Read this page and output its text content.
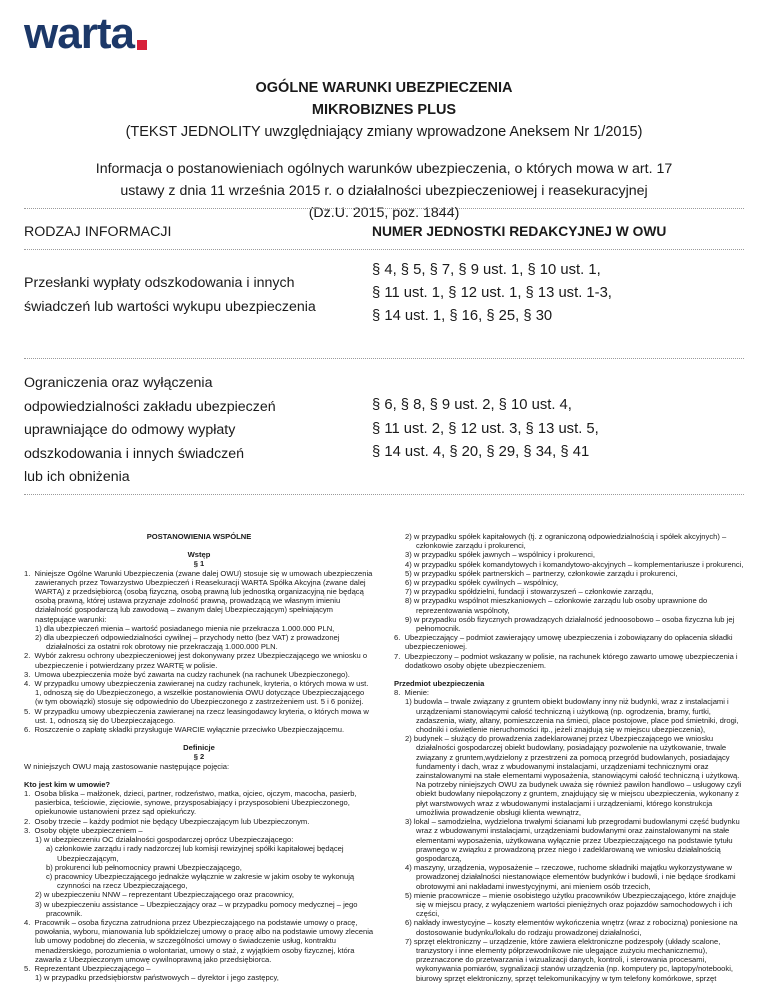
warta
OGÓLNE WARUNKI UBEZPIECZENIA
MIKROBIZNES PLUS
(TEKST JEDNOLITY uwzględniający zmiany wprowadzone Aneksem Nr 1/2015)
Informacja o postanowieniach ogólnych warunków ubezpieczenia, o których mowa w art. 17
ustawy z dnia 11 września 2015 r. o działalności ubezpieczeniowej i reasekuracyjnej
(Dz.U. 2015, poz. 1844)
RODZAJ INFORMACJI	NUMER JEDNOSTKI REDAKCYJNEJ W OWU
Przesłanki wypłaty odszkodowania i innych
świadczeń lub wartości wykupu ubezpieczenia
§ 4, § 5, § 7, § 9 ust. 1, § 10 ust. 1,
§ 11 ust. 1, § 12 ust. 1, § 13 ust. 1-3,
§ 14 ust. 1, § 16, § 25, § 30
Ograniczenia oraz wyłączenia
odpowiedzialności zakładu ubezpieczeń
uprawniające do odmowy wypłaty
odszkodowania i innych świadczeń
lub ich obniżenia
§ 6, § 8, § 9 ust. 2, § 10 ust. 4,
§ 11 ust. 2, § 12 ust. 3, § 13 ust. 5,
§ 14 ust. 4, § 20, § 29, § 34, § 41

POSTANOWIENIA WSPÓLNE

Wstęp

§ 1

1.  Niniejsze Ogólne Warunki Ubezpieczenia (zwane dalej OWU) stosuje się w umowach ubezpieczenia zawieranych przez Towarzystwo Ubezpieczeń i Reasekuracji WARTA Spółka Akcyjna (zwane dalej WARTĄ) z przedsiębiorcą (osobą fizyczną, osobą prawną lub jednostką organizacyjną nie będącą osobą prawną, której ustawa przyznaje zdolność prawną, prowadzącą we własnym imieniu działalność gospodarczą lub zawodową – zwanym dalej Ubezpieczającym) spełniającym następujące warunki:

1) dla ubezpieczeń mienia – wartość posiadanego mienia nie przekracza 1.000.000 PLN,

2) dla ubezpieczeń odpowiedzialności cywilnej – przychody netto (bez VAT) z prowadzonej działalności za ostatni rok obrotowy nie przekraczają 1.000.000 PLN.

2.  Wybór zakresu ochrony ubezpieczeniowej jest dokonywany przez Ubezpieczającego we wniosku o ubezpieczenie i potwierdzany przez WARTĘ w polisie.

3.  Umowa ubezpieczenia może być zawarta na cudzy rachunek (na rachunek Ubezpieczonego).

4.  W przypadku umowy ubezpieczenia zawieranej na cudzy rachunek, kryteria, o których mowa w ust. 1, odnoszą się do Ubezpieczonego, a wszelkie postanowienia OWU dotyczące Ubezpieczającego (w tym obowiązki) stosuje się odpowiednio do Ubezpieczonego z zastrzeżeniem ust. 5 i 6 poniżej.

5.  W przypadku umowy ubezpieczenia zawieranej na rzecz leasingodawcy kryteria, o których mowa w ust. 1, odnoszą się do Ubezpieczającego.

6.  Roszczenie o zapłatę składki przysługuje WARCIE wyłącznie przeciwko Ubezpieczającemu.

Definicje

§ 2

W niniejszych OWU mają zastosowanie następujące pojęcia:

Kto jest kim w umowie?

1.  Osoba bliska – małżonek, dzieci, partner, rodzeństwo, matka, ojciec, ojczym, macocha, pasierb, pasierbica, teściowie, zięciowie, synowe, przysposabiający i przysposobieni Ubezpieczonego, opiekunowie ustanowieni przez sąd opiekuńczy.

2.  Osoby trzecie – każdy podmiot nie będący Ubezpieczającym lub Ubezpieczonym.

3.  Osoby objęte ubezpieczeniem –

1) w ubezpieczeniu OC działalności gospodarczej oprócz Ubezpieczającego:

a) członkowie zarządu i rady nadzorczej lub komisji rewizyjnej spółki kapitałowej będącej Ubezpieczającym,

b) prokurenci lub pełnomocnicy prawni Ubezpieczającego,

c) pracownicy Ubezpieczającego jednakże wyłącznie w zakresie w jakim osoby te wykonują czynności na rzecz Ubezpieczającego,

2) w ubezpieczeniu NNW – reprezentant Ubezpieczającego oraz pracownicy,

3) w ubezpieczeniu assistance – Ubezpieczający oraz – w przypadku pomocy medycznej – jego pracownik.

4.  Pracownik – osoba fizyczna zatrudniona przez Ubezpieczającego na podstawie umowy o pracę, powołania, wyboru, mianowania lub spółdzielczej umowy o pracę albo na podstawie umowy zlecenia lub umowy podobnej do zlecenia, w szczególności umowy o świadczenie usług, kontraktu menadżerskiego, porozumienia o wolontariat, umowy o staż, z wyjątkiem osoby fizycznej, która zawarła z Ubezpieczonym umowę cywilnoprawną jako przedsiębiorca.

5.  Reprezentant Ubezpieczającego –

1) w przypadku przedsiębiorstw państwowych – dyrektor i jego zastępcy,

2) w przypadku spółek kapitałowych (tj. z ograniczoną odpowiedzialnością i spółek akcyjnych) – członkowie zarządu i prokurenci,

3) w przypadku spółek jawnych – wspólnicy i prokurenci,

4) w przypadku spółek komandytowych i komandytowo-akcyjnych – komplementariusze i prokurenci,

5) w przypadku spółek partnerskich – partnerzy, członkowie zarządu i prokurenci,

6) w przypadku spółek cywilnych – wspólnicy,

7) w przypadku spółdzielni, fundacji i stowarzyszeń – członkowie zarządu,

8) w przypadku wspólnot mieszkaniowych – członkowie zarządu lub osoby uprawnione do reprezentowania wspólnoty,

9) w przypadku osób fizycznych prowadzących działalność jednoosobowo – osoba fizyczna lub jej pełnomocnik.

6.  Ubezpieczający – podmiot zawierający umowę ubezpieczenia i zobowiązany do opłacenia składki ubezpieczeniowej.

7.  Ubezpieczony – podmiot wskazany w polisie, na rachunek którego zawarto umowę ubezpieczenia i dodatkowo osoby objęte ubezpieczeniem.

Przedmiot ubezpieczenia

8.  Mienie:

1) budowla – trwale związany z gruntem obiekt budowlany inny niż budynki, wraz z instalacjami i urządzeniami stanowiącymi całość techniczną i użytkową (np. ogrodzenia, bramy, furtki, zadaszenia, wiaty, altany, pomieszczenia na śmieci, place postojowe, place pod śmietniki, drogi, chodniki i oświetlenie nieruchomości itp., jeżeli znajdują się w miejscu ubezpieczenia),

2) budynek – służący do prowadzenia zadeklarowanej przez Ubezpieczającego we wniosku działalności gospodarczej obiekt budowlany, posiadający pozwolenie na użytkowanie, trwale związany z gruntem,wydzielony z przestrzeni za pomocą przegród budowlanych, posiadający fundamenty i dach, wraz z wbudowanymi instalacjami, urządzeniami technicznymi oraz zainstalowanymi na stałe elementami wyposażenia, stanowiącymi całość techniczną i użytkową. Na potrzeby niniejszych OWU za budynek uważa się również pawilon handlowo – usługowy czyli obiekt budowlany niepołączony z gruntem, znajdujący się w miejscu ubezpieczenia, wykonany z płyt warstwowych wraz z wbudowanymi instalacjami i urządzeniami, którego konstrukcja umożliwia prowadzenie obsługi klienta wewnątrz,

3) lokal – samodzielna, wydzielona trwałymi ścianami lub przegrodami budowlanymi część budynku wraz z wbudowanymi instalacjami, urządzeniami budowlanymi oraz zainstalowanymi na stałe elementami wyposażenia, użytkowana wyłącznie przez Ubezpieczającego na podstawie tytułu prawnego w związku z prowadzoną przez niego i zadeklarowaną we wniosku działalnością gospodarczą,

4) maszyny, urządzenia, wyposażenie – rzeczowe, ruchome składniki majątku wykorzystywane w prowadzonej działalności niestanowiące elementów budynków i budowli, i nie będące środkami obrotowymi ani nakładami inwestycyjnymi, ani mieniem osób trzecich,

5) mienie pracownicze – mienie osobistego użytku pracowników Ubezpieczającego, które znajduje się w miejscu pracy, z wyłączeniem wartości pieniężnych oraz pojazdów samochodowych i ich części,

6) nakłady inwestycyjne – koszty elementów wykończenia wnętrz (wraz z robocizną) poniesione na dostosowanie budynku/lokalu do rodzaju prowadzonej działalności,

7) sprzęt elektroniczny – urządzenie, które zawiera elektroniczne podzespoły (układy scalone, tranzystory i inne elementy półprzewodnikowe nie ulegające zużyciu mechanicznemu), przeznaczone do przetwarzania i wizualizacji danych, kontroli, i sterowania procesami, wykonywania pomiarów, sygnalizacji stanów urządzenia (np. komputery pc, laptopy/notebooki, biurowy sprzęt elektroniczny, sprzęt telekomunikacyjny w tym telefony komórkowe, sprzęt
